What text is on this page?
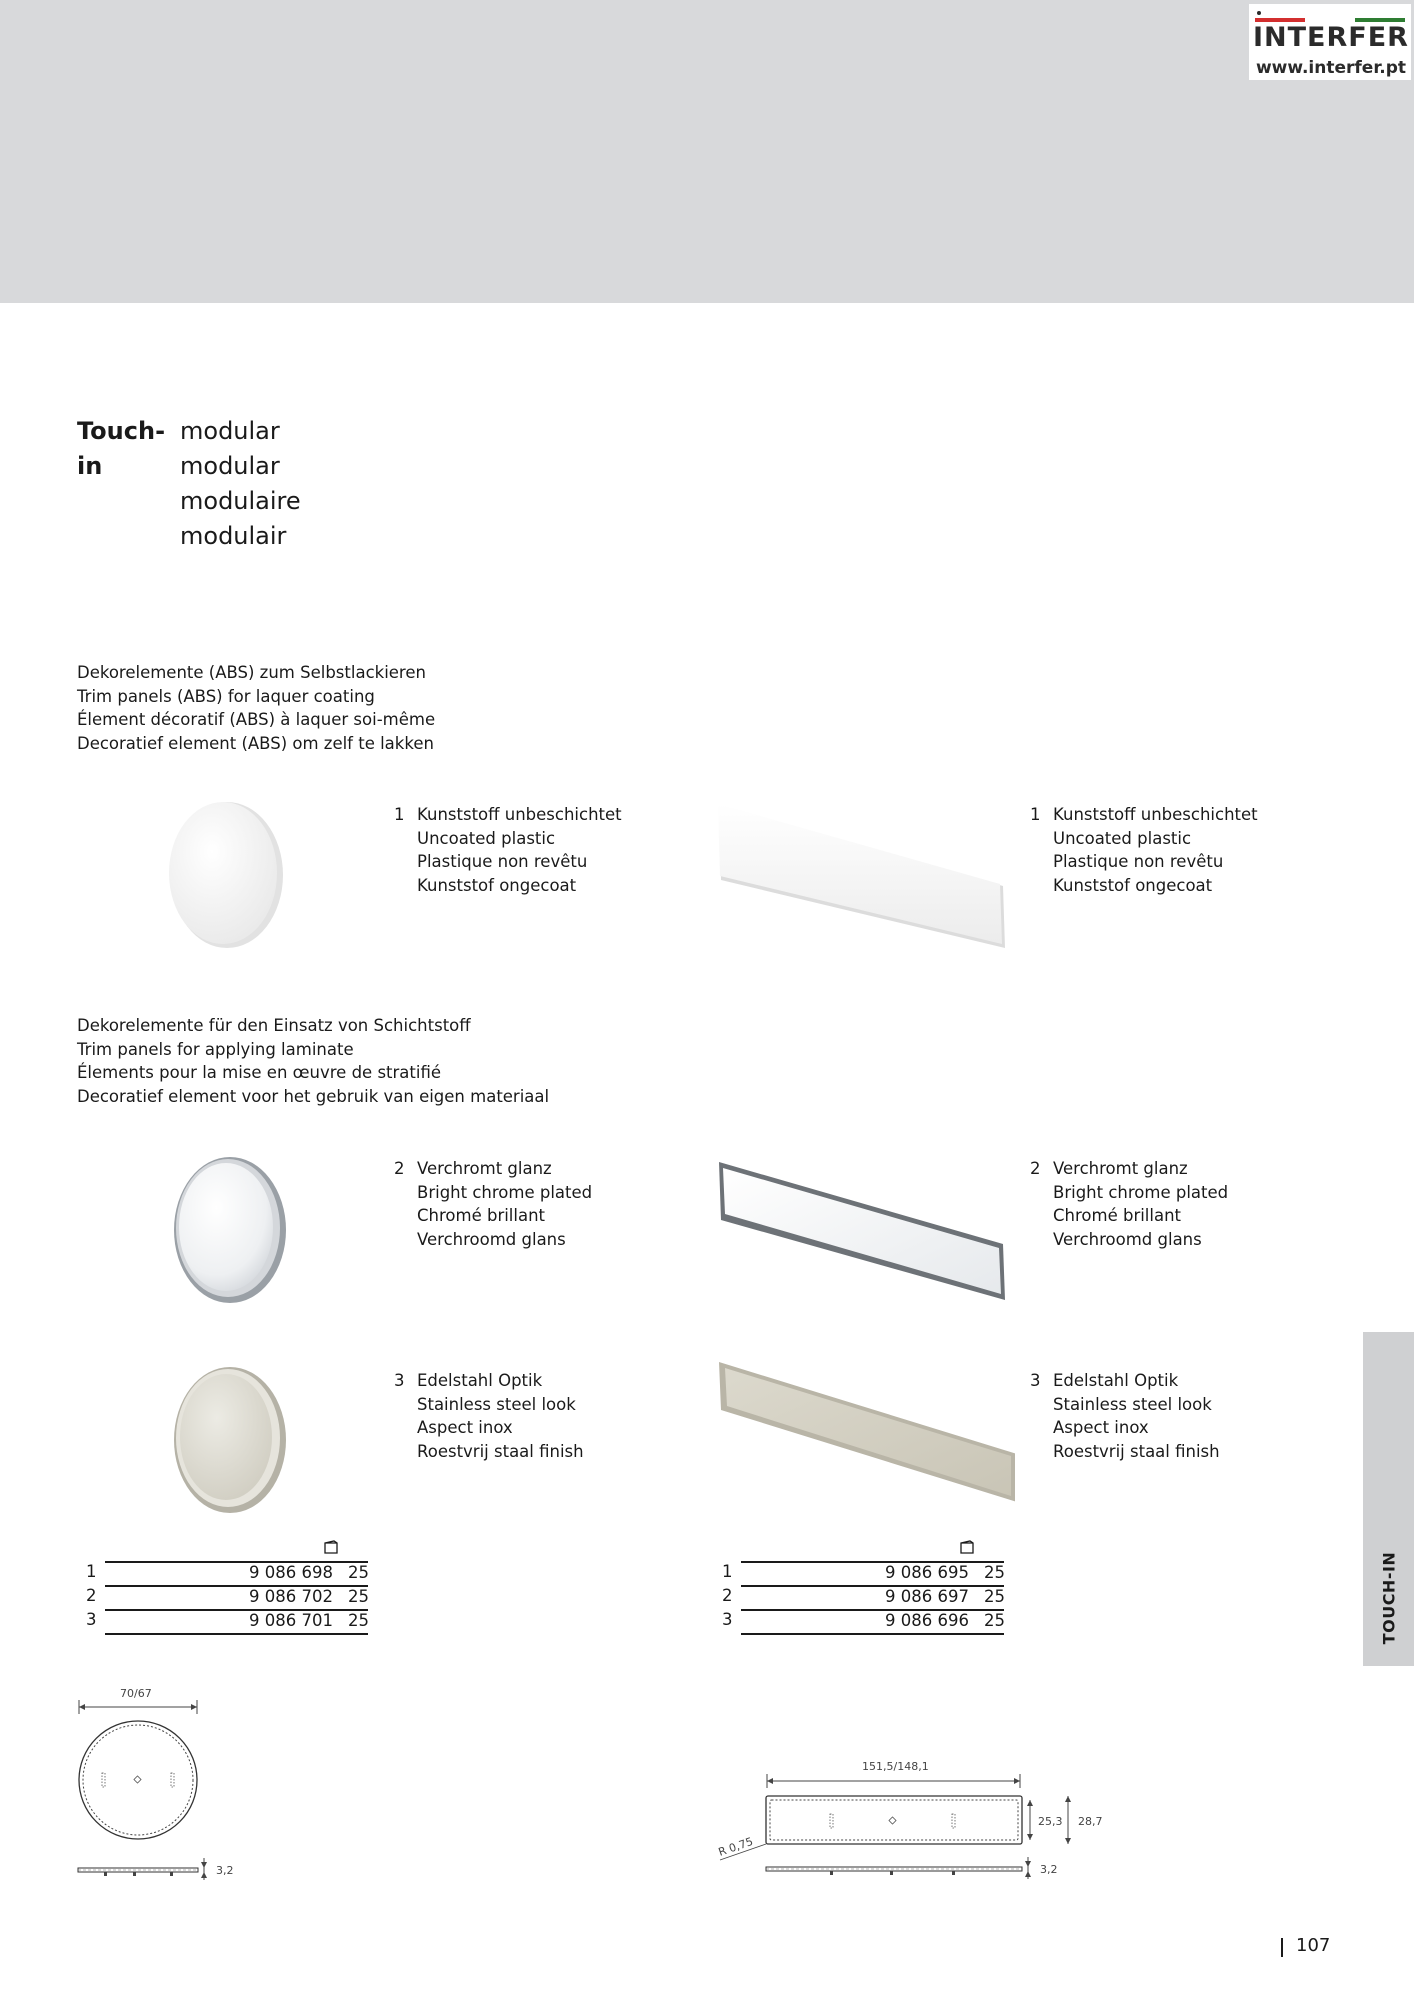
INTERFER
www.interfer.pt
Touch-in
modular
modular
modulaire
modulair
Dekorelemente (ABS) zum Selbstlackieren
Trim panels (ABS) for laquer coating
Élement décoratif (ABS) à laquer soi-même
Decoratief element (ABS) om zelf te lakken
Dekorelemente für den Einsatz von Schichtstoff
Trim panels for applying laminate
Élements pour la mise en œuvre de stratifié
Decoratief element voor het gebruik van eigen materiaal
1 Kunststoff unbeschichtet
Uncoated plastic
Plastique non revêtu
Kunststof ongecoat
2 Verchromt glanz
Bright chrome plated
Chromé brillant
Verchroomd glans
3 Edelstahl Optik
Stainless steel look
Aspect inox
Roestvrij staal finish
1 Kunststoff unbeschichtet
Uncoated plastic
Plastique non revêtu
Kunststof ongecoat
2 Verchromt glanz
Bright chrome plated
Chromé brillant
Verchroomd glans
3 Edelstahl Optik
Stainless steel look
Aspect inox
Roestvrij staal finish
1	9 086 698 25
2	9 086 702 25
3	9 086 701 25
1	9 086 695 25
2	9 086 697 25
3	9 086 696 25
70/67
3,2
151,5/148,1
R 0,75
25,3 28,7
3,2
TOUCH-IN
107
